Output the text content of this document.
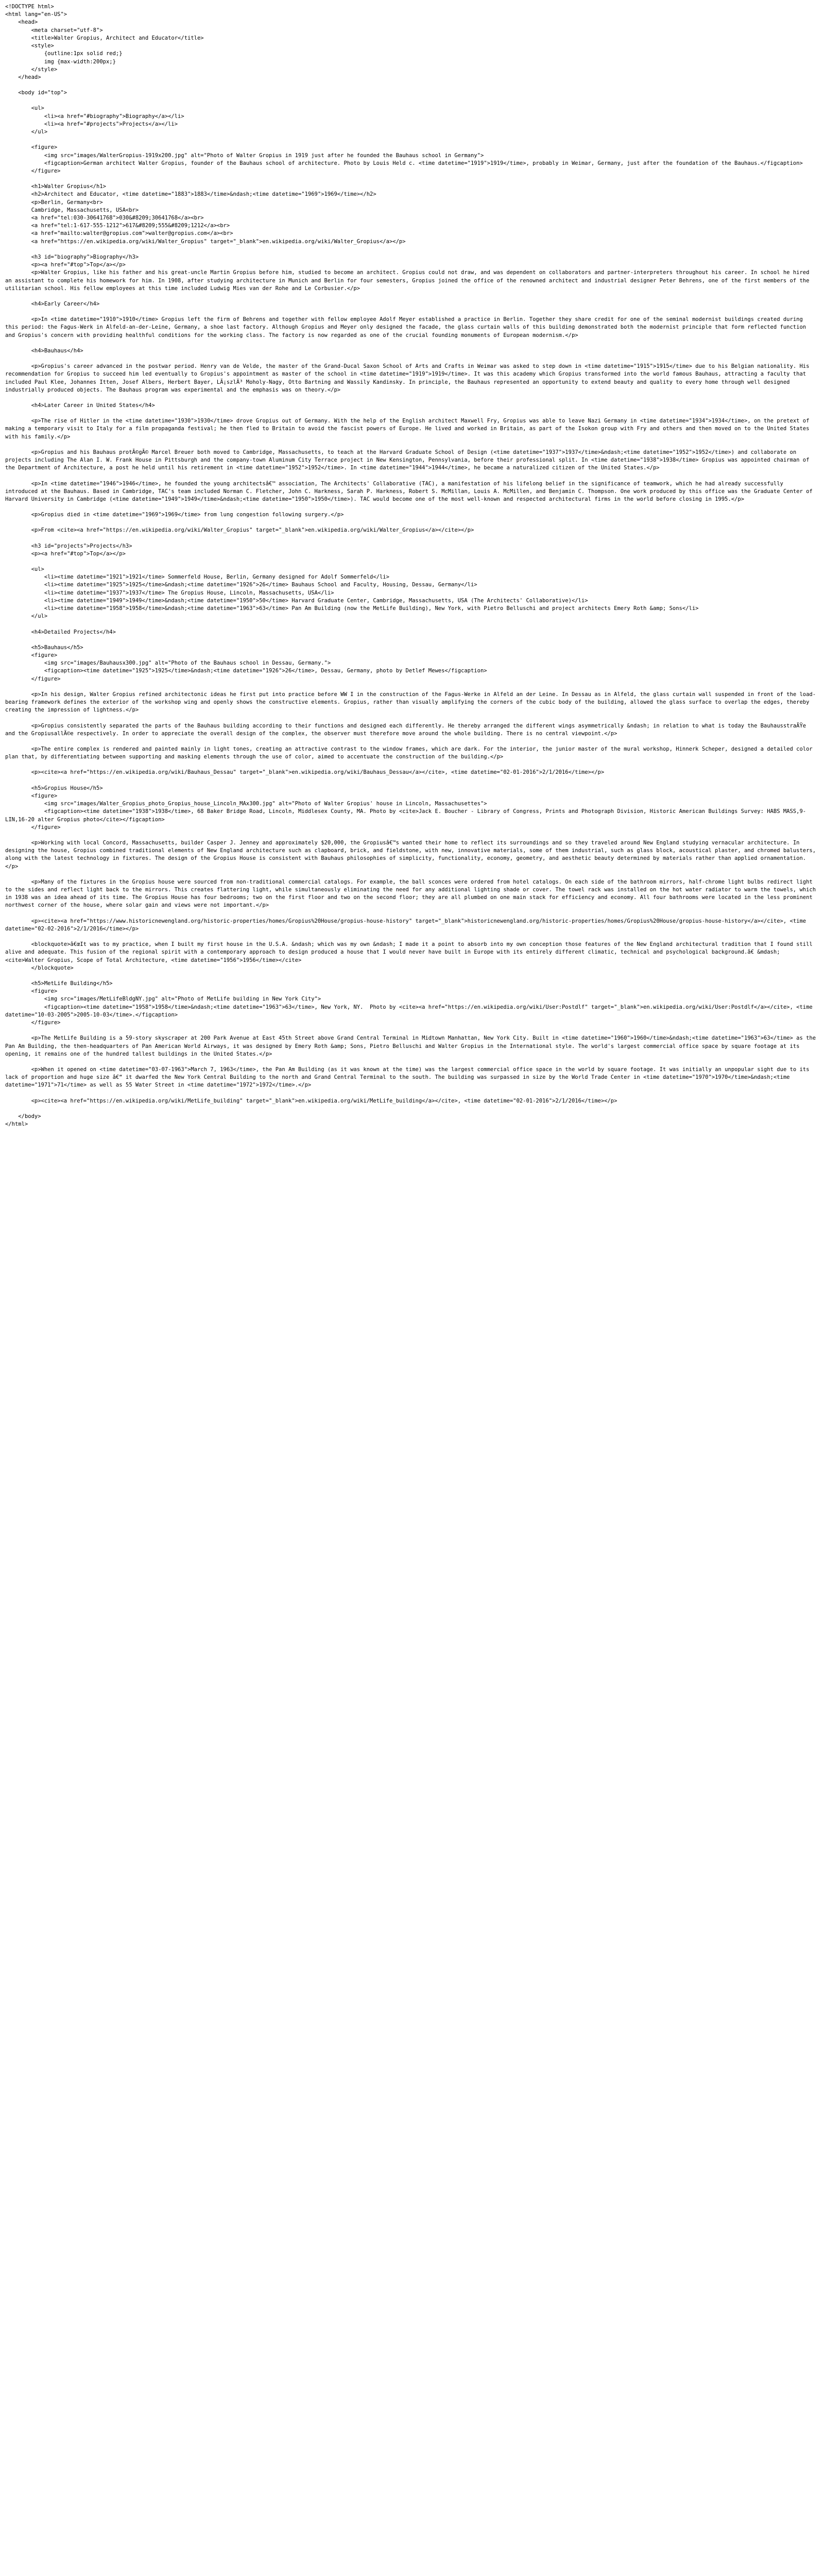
<!DOCTYPE html>
<html lang="en-US">
<head>
<meta charset="utf-8">
<title>Walter Gropius, Architect and Educator</title>
<style>
{outline:1px solid red;}
img {max-width:200px;}
</style>
</head>
<body id="top">
<ul>
<li><a href="#biography">Biography</a></li>
<li><a href="#projects">Projects</a></li>
</ul>
<figure>
<img src="images/WalterGropius-1919x200.jpg" alt="Photo of Walter Gropius in 1919 just after he founded the Bauhaus school in Germany">
<figcaption>German architect Walter Gropius, founder of the Bauhaus school of architecture. Photo by Louis Held c. <time datetime="1919">1919</time>, probably in Weimar, Germany, just after the foundation of the Bauhaus.</figcaption>
</figure>
<h1>Walter Gropius</h1>
<h2>Architect and Educator, <time datetime="1883">1883</time>&ndash;<time datetime="1969">1969</time></h2>
<p>Berlin, Germany<br>
Cambridge, Massachusetts, USA<br>
<a href="tel:030-30641768">030&#8209;30641768</a><br>
<a href="tel:1-617-555-1212">617&#8209;555&#8209;1212</a><br>
<a href="mailto:walter@gropius.com">walter@gropius.com</a><br>
<a href="https://en.wikipedia.org/wiki/Walter_Gropius" target="_blank">en.wikipedia.org/wiki/Walter_Gropius</a></p>
<h3 id="biography">Biography</h3>
<p><a href="#top">Top</a></p>
<p>Walter Gropius, like his father and his great-uncle Martin Gropius before him, studied to become an architect. Gropius could not draw, and was dependent on collaborators and partner-interpreters throughout his career. In school he hired an assistant to complete his homework for him. In 1908, after studying architecture in Munich and Berlin for four semesters, Gropius joined the office of the renowned architect and industrial designer Peter Behrens, one of the first members of the utilitarian school. His fellow employees at this time included Ludwig Mies van der Rohe and Le Corbusier.</p>
<h4>Early Career</h4>
<p>In <time datetime="1910">1910</time> Gropius left the firm of Behrens and together with fellow employee Adolf Meyer established a practice in Berlin. Together they share credit for one of the seminal modernist buildings created during this period: the Fagus-Werk in Alfeld-an-der-Leine, Germany, a shoe last factory. Although Gropius and Meyer only designed the facade, the glass curtain walls of this building demonstrated both the modernist principle that form reflected function and Gropius's concern with providing healthful conditions for the working class. The factory is now regarded as one of the crucial founding monuments of European modernism.</p>
<h4>Bauhaus</h4>
<p>Gropius's career advanced in the postwar period. Henry van de Velde, the master of the Grand-Ducal Saxon School of Arts and Crafts in Weimar was asked to step down in <time datetime="1915">1915</time> due to his Belgian nationality. His recommendation for Gropius to succeed him led eventually to Gropius's appointment as master of the school in <time datetime="1919">1919</time>. It was this academy which Gropius transformed into the world famous Bauhaus, attracting a faculty that included Paul Klee, Johannes Itten, Josef Albers, Herbert Bayer, LÃ¡szlÃ³ Moholy-Nagy, Otto Bartning and Wassily Kandinsky. In principle, the Bauhaus represented an opportunity to extend beauty and quality to every home through well designed industrially produced objects. The Bauhaus program was experimental and the emphasis was on theory.</p>
<h4>Later Career in United States</h4>
<p>The rise of Hitler in the <time datetime="1930">1930</time> drove Gropius out of Germany. With the help of the English architect Maxwell Fry, Gropius was able to leave Nazi Germany in <time datetime="1934">1934</time>, on the pretext of making a temporary visit to Italy for a film propaganda festival; he then fled to Britain to avoid the fascist powers of Europe. He lived and worked in Britain, as part of the Isokon group with Fry and others and then moved on to the United States with his family.</p>
<p>Gropius and his Bauhaus protÃ©gÃ© Marcel Breuer both moved to Cambridge, Massachusetts, to teach at the Harvard Graduate School of Design (<time datetime="1937">1937</time>&ndash;<time datetime="1952">1952</time>) and collaborate on projects including The Alan I. W. Frank House in Pittsburgh and the company-town Aluminum City Terrace project in New Kensington, Pennsylvania, before their professional split. In <time datetime="1938">1938</time> Gropius was appointed chairman of the Department of Architecture, a post he held until his retirement in <time datetime="1952">1952</time>. In <time datetime="1944">1944</time>, he became a naturalized citizen of the United States.</p>
<p>In <time datetime="1946">1946</time>, he founded the young architectsâ€™ association, The Architects' Collaborative (TAC), a manifestation of his lifelong belief in the significance of teamwork, which he had already successfully introduced at the Bauhaus. Based in Cambridge, TAC's team included Norman C. Fletcher, John C. Harkness, Sarah P. Harkness, Robert S. McMillan, Louis A. McMillen, and Benjamin C. Thompson. One work produced by this office was the Graduate Center of Harvard University in Cambridge (<time datetime="1949">1949</time>&ndash;<time datetime="1950">1950</time>). TAC would become one of the most well-known and respected architectural firms in the world before closing in 1995.</p>
<p>Gropius died in <time datetime="1969">1969</time> from lung congestion following surgery.</p>
<p>From <cite><a href="https://en.wikipedia.org/wiki/Walter_Gropius" target="_blank">en.wikipedia.org/wiki/Walter_Gropius</a></cite></p>
<h3 id="projects">Projects</h3>
<p><a href="#top">Top</a></p>
<ul>
<li><time datetime="1921">1921</time> Sommerfeld House, Berlin, Germany designed for Adolf Sommerfeld</li>
<li><time datetime="1925">1925</time>&ndash;<time datetime="1926">26</time> Bauhaus School and Faculty, Housing, Dessau, Germany</li>
<li><time datetime="1937">1937</time> The Gropius House, Lincoln, Massachusetts, USA</li>
<li><time datetime="1949">1949</time>&ndash;<time datetime="1950">50</time> Harvard Graduate Center, Cambridge, Massachusetts, USA (The Architects' Collaborative)</li>
<li><time datetime="1958">1958</time>&ndash;<time datetime="1963">63</time> Pan Am Building (now the MetLife Building), New York, with Pietro Belluschi and project architects Emery Roth &amp; Sons</li>
</ul>
<h4>Detailed Projects</h4>
<h5>Bauhaus</h5>
<figure>
<img src="images/Bauhausx300.jpg" alt="Photo of the Bauhaus school in Dessau, Germany.">
<figcaption><time datetime="1925">1925</time>&ndash;<time datetime="1926">26</time>, Dessau, Germany, photo by Detlef Mewes</figcaption>
</figure>
<p>In his design, Walter Gropius refined architectonic ideas he first put into practice before WW I in the construction of the Fagus-Werke in Alfeld an der Leine. In Dessau as in Alfeld, the glass curtain wall suspended in front of the load-bearing framework defines the exterior of the workshop wing and openly shows the constructive elements. Gropius, rather than visually amplifying the corners of the cubic body of the building, allowed the glass surface to overlap the edges, thereby creating the impression of lightness.</p>
<p>Gropius consistently separated the parts of the Bauhaus building according to their functions and designed each differently. He thereby arranged the different wings asymmetrically &ndash; in relation to what is today the BauhausstraÃŸe and the GropiusallÃ©e respectively. In order to appreciate the overall design of the complex, the observer must therefore move around the whole building. There is no central viewpoint.</p>
<p>The entire complex is rendered and painted mainly in light tones, creating an attractive contrast to the window frames, which are dark. For the interior, the junior master of the mural workshop, Hinnerk Scheper, designed a detailed color plan that, by differentiating between supporting and masking elements through the use of color, aimed to accentuate the construction of the building.</p>
<p><cite><a href="https://en.wikipedia.org/wiki/Bauhaus_Dessau" target="_blank">en.wikipedia.org/wiki/Bauhaus_Dessau</a></cite>, <time datetime="02-01-2016">2/1/2016</time></p>
<h5>Gropius House</h5>
<figure>
<img src="images/Walter_Gropius_photo_Gropius_house_Lincoln_MAx300.jpg" alt="Photo of Walter Gropius' house in Lincoln, Massachusettes">
<figcaption><time datetime="1938">1938</time>, 68 Baker Bridge Road, Lincoln, Middlesex County, MA. Photo by <cite>Jack E. Boucher - Library of Congress, Prints and Photograph Division, Historic American Buildings Survey: HABS MASS,9-LIN,16-20 alter Gropius photo</cite></figcaption>
</figure>
<p>Working with local Concord, Massachusetts, builder Casper J. Jenney and approximately $20,000, the Gropiusâ€™s wanted their home to reflect its surroundings and so they traveled around New England studying vernacular architecture. In designing the house, Gropius combined traditional elements of New England architecture such as clapboard, brick, and fieldstone, with new, innovative materials, some of them industrial, such as glass block, acoustical plaster, and chromed balusters, along with the latest technology in fixtures. The design of the Gropius House is consistent with Bauhaus philosophies of simplicity, functionality, economy, geometry, and aesthetic beauty determined by materials rather than applied ornamentation.</p>
<p>Many of the fixtures in the Gropius house were sourced from non-traditional commercial catalogs. For example, the ball sconces were ordered from hotel catalogs. On each side of the bathroom mirrors, half-chrome light bulbs redirect light to the sides and reflect light back to the mirrors. This creates flattering light, while simultaneously eliminating the need for any additional lighting shade or cover. The towel rack was installed on the hot water radiator to warm the towels, which in 1938 was an idea ahead of its time. The Gropius House has four bedrooms; two on the first floor and two on the second floor; they are all plumbed on one main stack for efficiency and economy. All four bathrooms were located in the less prominent northwest corner of the house, where solar gain and views were not important.</p>
<p><cite><a href="https://www.historicnewengland.org/historic-properties/homes/Gropius%20House/gropius-house-history" target="_blank">historicnewengland.org/historic-properties/homes/Gropius%20House/gropius-house-history</a></cite>, <time datetime="02-02-2016">2/1/2016</time></p>
<blockquote>â€œIt was to my practice, when I built my first house in the U.S.A. &ndash; which was my own &ndash; I made it a point to absorb into my own conception those features of the New England architectural tradition that I found still alive and adequate. This fusion of the regional spirit with a contemporary approach to design produced a house that I would never have built in Europe with its entirely different climatic, technical and psychological background.â€ &mdash; <cite>Walter Gropius, Scope of Total Architecture, <time datetime="1956">1956</time></cite>
</blockquote>
<h5>MetLife Building</h5>
<figure>
<img src="images/MetLifeBldgNY.jpg" alt="Photo of MetLife building in New York City">
<figcaption><time datetime="1958">1958</time>&ndash;<time datetime="1963">63</time>, New York, NY.  Photo by <cite><a href="https://en.wikipedia.org/wiki/User:Postdlf" target="_blank">en.wikipedia.org/wiki/User:Postdlf</a></cite>, <time datetime="10-03-2005">2005-10-03</time>.</figcaption>
</figure>
<p>The MetLife Building is a 59-story skyscraper at 200 Park Avenue at East 45th Street above Grand Central Terminal in Midtown Manhattan, New York City. Built in <time datetime="1960">1960</time>&ndash;<time datetime="1963">63</time> as the Pan Am Building, the then-headquarters of Pan American World Airways, it was designed by Emery Roth &amp; Sons, Pietro Belluschi and Walter Gropius in the International style. The world's largest commercial office space by square footage at its opening, it remains one of the hundred tallest buildings in the United States.</p>
<p>When it opened on <time datetime="03-07-1963">March 7, 1963</time>, the Pan Am Building (as it was known at the time) was the largest commercial office space in the world by square footage. It was initially an unpopular sight due to its lack of proportion and huge size â€“ it dwarfed the New York Central Building to the north and Grand Central Terminal to the south. The building was surpassed in size by the World Trade Center in <time datetime="1970">1970</time>&ndash;<time datetime="1971">71</time> as well as 55 Water Street in <time datetime="1972">1972</time>.</p>
<p><cite><a href="https://en.wikipedia.org/wiki/MetLife_building" target="_blank">en.wikipedia.org/wiki/MetLife_building</a></cite>, <time datetime="02-01-2016">2/1/2016</time></p>
</body>
</html>
